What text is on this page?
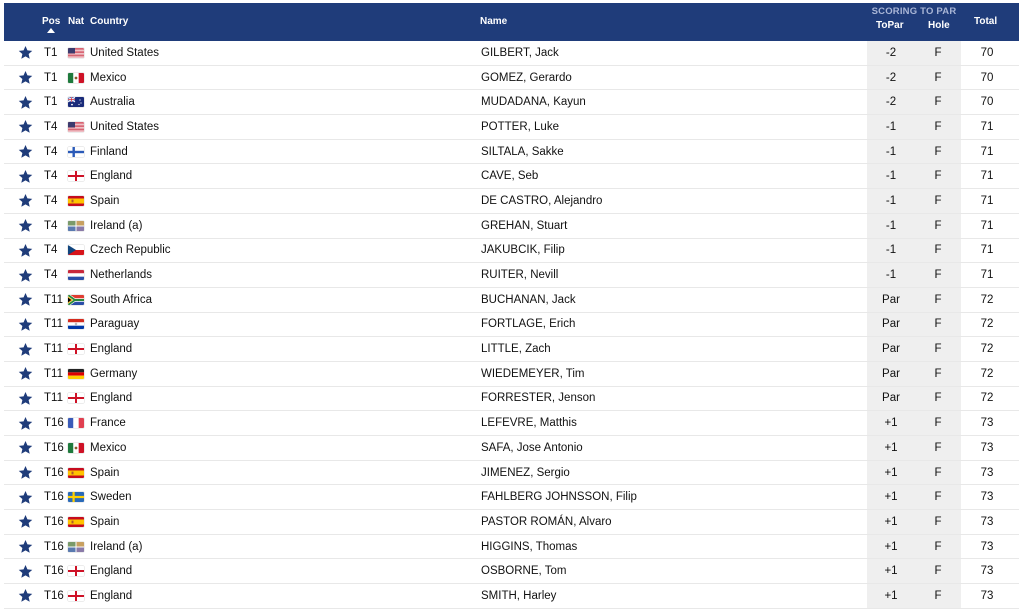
Pos Nat Country	Name
SCORING TO PAR
ToPar Hole Total
T1	United States	GILBERT, Jack	-2	F	70
T1	Mexico	GOMEZ, Gerardo	-2	F	70
T1	Australia	MUDADANA, Kayun	-2	F	70
T4	United States	POTTER, Luke	-1	F	71
T4	Finland	SILTALA, Sakke	-1	F	71
T4	England	CAVE, Seb	-1	F	71
T4	Spain	DE CASTRO, Alejandro	-1	F	71
T4	Ireland (a)	GREHAN, Stuart	-1	F	71
T4	Czech Republic	JAKUBCIK, Filip	-1	F	71
T4	Netherlands	RUITER, Nevill	-1	F	71
T11 South Africa	BUCHANAN, Jack	Par	F	72
T11 Paraguay	FORTLAGE, Erich	Par	F	72
T11 England	LITTLE, Zach	Par	F	72
T11 Germany	WIEDEMEYER, Tim	Par	F	72
T11 England	FORRESTER, Jenson	Par	F	72
T16 France	LEFEVRE, Matthis	+1	F	73
T16 Mexico	SAFA, Jose Antonio	+1	F	73
T16 Spain	JIMENEZ, Sergio	+1	F	73
T16 Sweden	FAHLBERG JOHNSSON, Filip	+1	F	73
T16 Spain	PASTOR ROMÁN, Alvaro	+1	F	73
T16 Ireland (a)	HIGGINS, Thomas	+1	F	73
T16 England	OSBORNE, Tom	+1	F	73
T16 England	SMITH, Harley	+1	F	73
